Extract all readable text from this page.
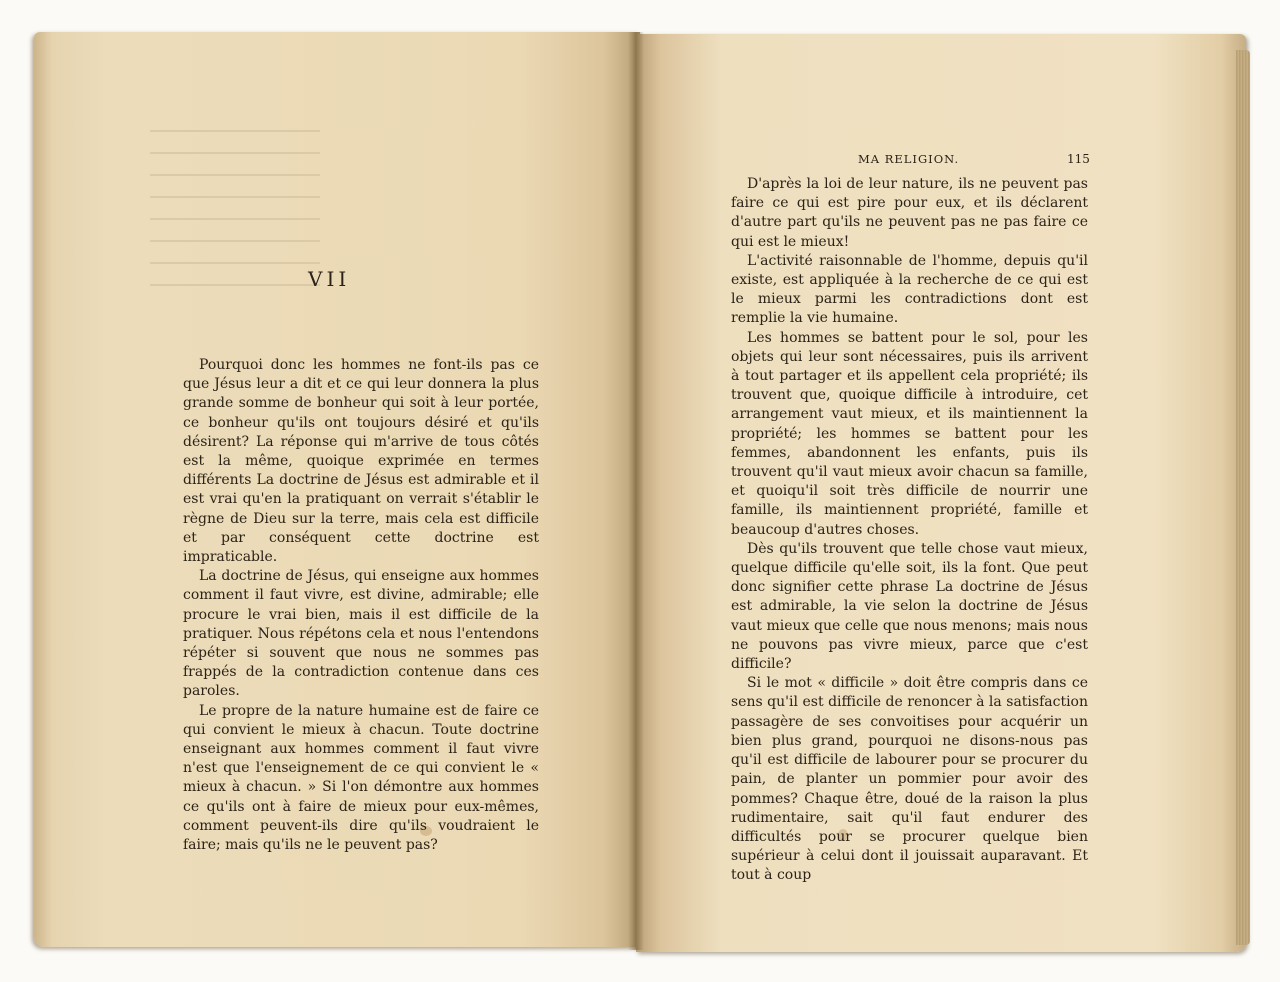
VII

Pourquoi donc les hommes ne font-ils pas ce que Jésus leur a dit et ce qui leur donnera la plus grande somme de bonheur qui soit à leur portée, ce bonheur qu'ils ont toujours désiré et qu'ils désirent? La réponse qui m'arrive de tous côtés est la même, quoique exprimée en termes différents La doctrine de Jésus est admirable et il est vrai qu'en la pratiquant on verrait s'établir le règne de Dieu sur la terre, mais cela est difficile et par conséquent cette doctrine est impraticable.

La doctrine de Jésus, qui enseigne aux hommes comment il faut vivre, est divine, admirable; elle procure le vrai bien, mais il est difficile de la pratiquer. Nous répétons cela et nous l'entendons répéter si souvent que nous ne sommes pas frappés de la contradiction contenue dans ces paroles.

Le propre de la nature humaine est de faire ce qui convient le mieux à chacun. Toute doctrine enseignant aux hommes comment il faut vivre n'est que l'enseignement de ce qui convient le « mieux à chacun. » Si l'on démontre aux hommes ce qu'ils ont à faire de mieux pour eux-mêmes, comment peuvent-ils dire qu'ils voudraient le faire; mais qu'ils ne le peuvent pas?

MA RELIGION.	115

D'après la loi de leur nature, ils ne peuvent pas faire ce qui est pire pour eux, et ils déclarent d'autre part qu'ils ne peuvent pas ne pas faire ce qui est le mieux!

L'activité raisonnable de l'homme, depuis qu'il existe, est appliquée à la recherche de ce qui est le mieux parmi les contradictions dont est remplie la vie humaine.

Les hommes se battent pour le sol, pour les objets qui leur sont nécessaires, puis ils arrivent à tout partager et ils appellent cela propriété; ils trouvent que, quoique difficile à introduire, cet arrangement vaut mieux, et ils maintiennent la propriété; les hommes se battent pour les femmes, abandonnent les enfants, puis ils trouvent qu'il vaut mieux avoir chacun sa famille, et quoiqu'il soit très difficile de nourrir une famille, ils maintiennent propriété, famille et beaucoup d'autres choses.

Dès qu'ils trouvent que telle chose vaut mieux, quelque difficile qu'elle soit, ils la font. Que peut donc signifier cette phrase La doctrine de Jésus est admirable, la vie selon la doctrine de Jésus vaut mieux que celle que nous menons; mais nous ne pouvons pas vivre mieux, parce que c'est difficile?

Si le mot « difficile » doit être compris dans ce sens qu'il est difficile de renoncer à la satisfaction passagère de ses convoitises pour acquérir un bien plus grand, pourquoi ne disons-nous pas qu'il est difficile de labourer pour se procurer du pain, de planter un pommier pour avoir des pommes? Chaque être, doué de la raison la plus rudimentaire, sait qu'il faut endurer des difficultés pour se procurer quelque bien supérieur à celui dont il jouissait auparavant. Et tout à coup
